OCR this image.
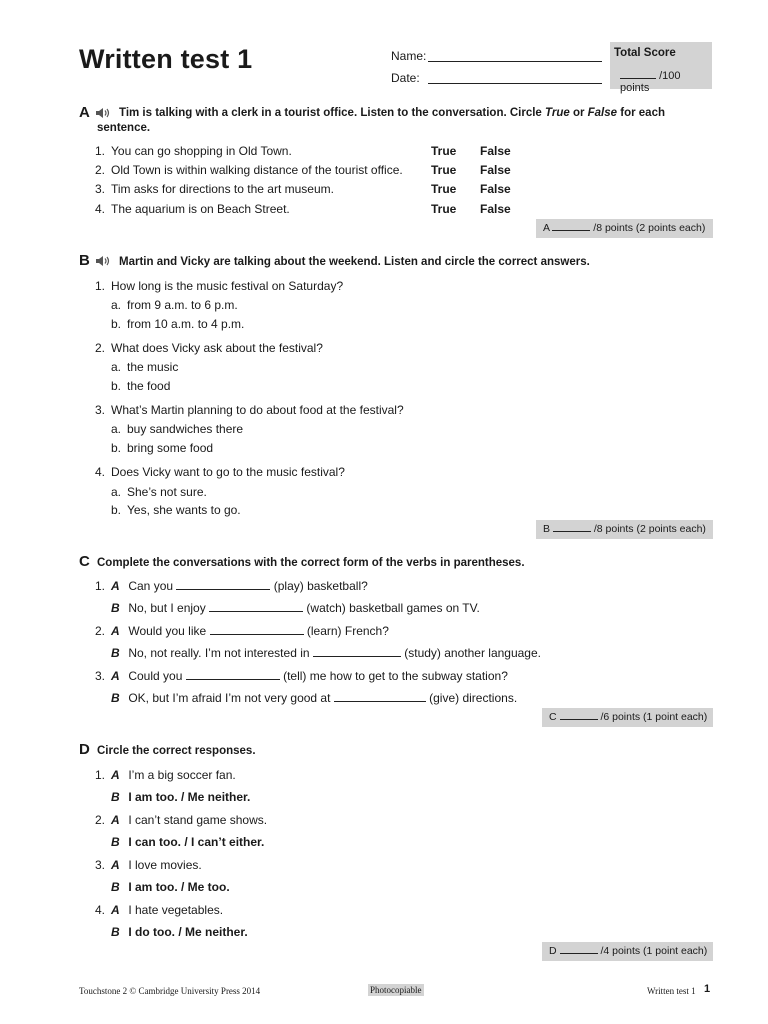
Written test 1	Name:
Date:
Total Score
/100 points
A	Tim is talking with a clerk in a tourist office. Listen to the conversation. Circle True or False for each
sentence.
1. You can go shopping in Old Town.	True False
2. Old Town is within walking distance of the tourist office. True False
3. Tim asks for directions to the art museum.	True False
4. The aquarium is on Beach Street.	True False
A	/8 points (2 points each)
B	Martin and Vicky are talking about the weekend. Listen and circle the correct answers.
1. How long is the music festival on Saturday?
a. from 9 a.m. to 6 p.m.
b. from 10 a.m. to 4 p.m.
2. What does Vicky ask about the festival?
a. the music
b. the food
3. What’s Martin planning to do about food at the festival?
a. buy sandwiches there
b. bring some food
4. Does Vicky want to go to the music festival?
a. She’s not sure.
b. Yes, she wants to go.
B	/8 points (2 points each)
C Complete the conversations with the correct form of the verbs in parentheses.
1. A Can you	(play) basketball?
B No, but I enjoy	(watch) basketball games on TV.
2. A Would you like	(learn) French?
B No, not really. I’m not interested in	(study) another language.
3. A Could you	(tell) me how to get to the subway station?
B OK, but I’m afraid I’m not very good at	(give) directions.
C	/6 points (1 point each)
D Circle the correct responses.
1. A I’m a big soccer fan.
B I am too. / Me neither.
2. A I can’t stand game shows.
B I can too. / I can’t either.
3. A I love movies.
B I am too. / Me too.
4. A I hate vegetables.
B I do too. / Me neither.
D	/4 points (1 point each)
Touchstone 2 © Cambridge University Press 2014	Photocopiable	Written test 1 1
